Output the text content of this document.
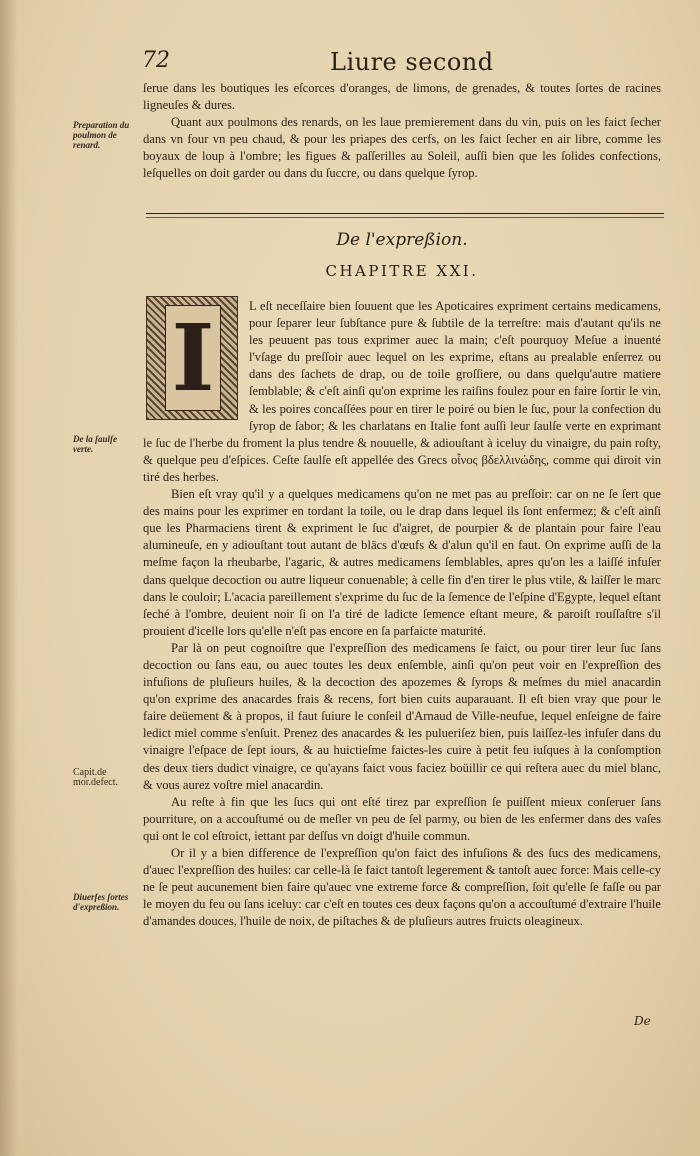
72	Liure second

ſerue dans les boutiques les eſcorces d'oranges, de limons, de grenades, & toutes ſortes de racines ligneuſes & dures.

Quant aux poulmons des renards, on les laue premierement dans du vin, puis on les faict ſecher dans vn four vn peu chaud, & pour les priapes des cerfs, on les faict ſecher en air libre, comme les boyaux de loup à l'ombre; les figues & paſſerilles au Soleil, auſſi bien que les ſolides confections, leſquelles on doit garder ou dans du ſuccre, ou dans quelque ſyrop.

Preparation du poulmon de renard.
De l'expreßion.
CHAPITRE XXI.
I	L eſt neceſſaire bien ſouuent que les Apoticaires expriment certains medicamens, pour ſeparer leur ſubſtance pure & ſubtile de la terreſtre: mais d'autant qu'ils ne les peuuent pas tous exprimer auec la main; c'eſt pourquoy Meſue a inuenté l'vſage du preſſoir auec lequel on les exprime, eſtans au prealable enſerrez ou dans des ſachets de drap, ou de toile groſſiere, ou dans quelqu'autre matiere ſemblable; & c'eſt ainſi qu'on exprime les raiſins foulez pour en faire ſortir le vin, & les poires concaſſées pour en tirer le poiré ou bien le ſuc, pour la confection du ſyrop de ſabor; & les charlatans en Italie font auſſi leur ſaulſe verte en exprimant le ſuc de l'herbe du froment la plus tendre & nouuelle, & adiouſtant à iceluy du vinaigre, du pain roſty, & quelque peu d'eſpices. Ceſte ſaulſe eſt appellée des Grecs οἶνος βδελλινώδης, comme qui diroit vin tiré des herbes.

Bien eſt vray qu'il y a quelques medicamens qu'on ne met pas au preſſoir: car on ne ſe ſert que des mains pour les exprimer en tordant la toile, ou le drap dans lequel ils ſont enfermez; & c'eſt ainſi que les Pharmaciens tirent & expriment le ſuc d'aigret, de pourpier & de plantain pour faire l'eau alumineuſe, en y adiouſtant tout autant de blācs d'œufs & d'alun qu'il en faut. On exprime auſſi de la meſme façon la rheubarbe, l'agaric, & autres medicamens ſemblables, apres qu'on les a laiſſé infuſer dans quelque decoction ou autre liqueur conuenable; à celle fin d'en tirer le plus vtile, & laiſſer le marc dans le couloir; L'acacia pareillement s'exprime du ſuc de la ſemence de l'eſpine d'Egypte, lequel eſtant ſeché à l'ombre, deuient noir ſi on l'a tiré de ladicte ſemence eſtant meure, & paroiſt rouſſaſtre s'il prouient d'icelle lors qu'elle n'eſt pas encore en ſa parfaicte maturité.

Par là on peut cognoiſtre que l'expreſſion des medicamens ſe faict, ou pour tirer leur ſuc ſans decoction ou ſans eau, ou auec toutes les deux enſemble, ainſi qu'on peut voir en l'expreſſion des infuſions de pluſieurs huiles, & la decoction des apozemes & ſyrops & meſmes du miel anacardin qu'on exprime des anacardes frais & recens, fort bien cuits auparauant. Il eſt bien vray que pour le faire deüement & à propos, il faut ſuiure le conſeil d'Arnaud de Ville-neufue, lequel enſeigne de faire ledict miel comme s'enſuit. Prenez des anacardes & les pulueriſez bien, puis laiſſez-les infuſer dans du vinaigre l'eſpace de ſept iours, & au huictieſme faictes-les cuire à petit feu iuſques à la conſomption des deux tiers dudict vinaigre, ce qu'ayans faict vous faciez boüillir ce qui reſtera auec du miel blanc, & vous aurez voſtre miel anacardin.

Au reſte à fin que les ſucs qui ont eſté tirez par expreſſion ſe puiſſent mieux conſeruer ſans pourriture, on a accouſtumé ou de meſler vn peu de ſel parmy, ou bien de les enfermer dans des vaſes qui ont le col eſtroict, iettant par deſſus vn doigt d'huile commun.

Or il y a bien difference de l'expreſſion qu'on faict des infuſions & des ſucs des medicamens, d'auec l'expreſſion des huiles: car celle-là ſe faict tantoſt legerement & tantoſt auec force: Mais celle-cy ne ſe peut aucunement bien faire qu'auec vne extreme force & compreſſion, ſoit qu'elle ſe faſſe ou par le moyen du feu ou ſans iceluy: car c'eſt en toutes ces deux façons qu'on a accouſtumé d'extraire l'huile d'amandes douces, l'huile de noix, de piſtaches & de pluſieurs autres fruicts oleagineux.

De la ſaulſe verte.
Capit.de mor.defect.
Diuerſes ſortes d'expreßion.
De
